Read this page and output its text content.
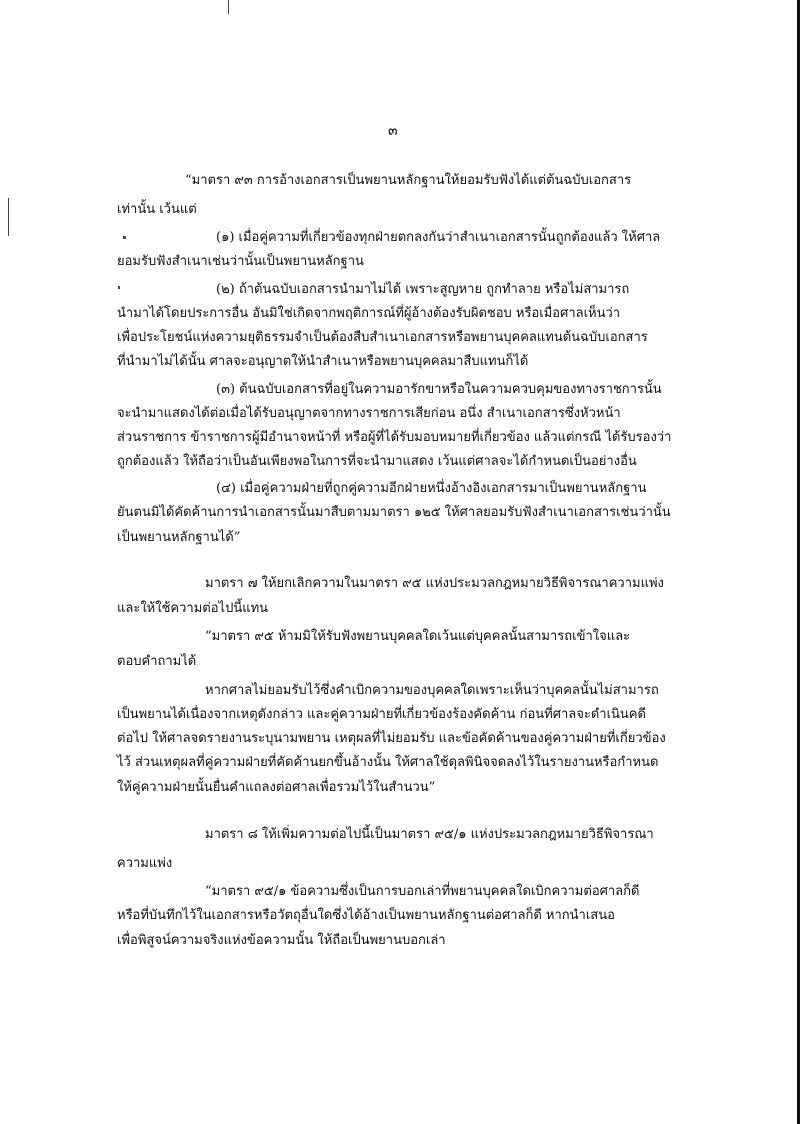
๓
“มาตรา ๙๓ การอ้างเอกสารเป็นพยานหลักฐานให้ยอมรับฟังได้แต่ต้นฉบับเอกสาร
เท่านั้น เว้นแต่
(๑) เมื่อคู่ความที่เกี่ยวข้องทุกฝ่ายตกลงกันว่าสำเนาเอกสารนั้นถูกต้องแล้ว ให้ศาล
ยอมรับฟังสำเนาเช่นว่านั้นเป็นพยานหลักฐาน
(๒) ถ้าต้นฉบับเอกสารนำมาไม่ได้ เพราะสูญหาย ถูกทำลาย หรือไม่สามารถ
นำมาได้โดยประการอื่น อันมิใช่เกิดจากพฤติการณ์ที่ผู้อ้างต้องรับผิดชอบ หรือเมื่อศาลเห็นว่า
เพื่อประโยชน์แห่งความยุติธรรมจำเป็นต้องสืบสำเนาเอกสารหรือพยานบุคคลแทนต้นฉบับเอกสาร
ที่นำมาไม่ได้นั้น ศาลจะอนุญาตให้นำสำเนาหรือพยานบุคคลมาสืบแทนก็ได้
(๓) ต้นฉบับเอกสารที่อยู่ในความอารักขาหรือในความควบคุมของทางราชการนั้น
จะนำมาแสดงได้ต่อเมื่อได้รับอนุญาตจากทางราชการเสียก่อน อนึ่ง สำเนาเอกสารซึ่งหัวหน้า
ส่วนราชการ ข้าราชการผู้มีอำนาจหน้าที่ หรือผู้ที่ได้รับมอบหมายที่เกี่ยวข้อง แล้วแต่กรณี ได้รับรองว่า
ถูกต้องแล้ว ให้ถือว่าเป็นอันเพียงพอในการที่จะนำมาแสดง เว้นแต่ศาลจะได้กำหนดเป็นอย่างอื่น
(๔) เมื่อคู่ความฝ่ายที่ถูกคู่ความอีกฝ่ายหนึ่งอ้างอิงเอกสารมาเป็นพยานหลักฐาน
ยันตนมิได้คัดค้านการนำเอกสารนั้นมาสืบตามมาตรา ๑๒๕ ให้ศาลยอมรับฟังสำเนาเอกสารเช่นว่านั้น
เป็นพยานหลักฐานได้”
มาตรา ๗ ให้ยกเลิกความในมาตรา ๙๕ แห่งประมวลกฎหมายวิธีพิจารณาความแพ่ง
และให้ใช้ความต่อไปนี้แทน
“มาตรา ๙๕ ห้ามมิให้รับฟังพยานบุคคลใดเว้นแต่บุคคลนั้นสามารถเข้าใจและ
ตอบคำถามได้
หากศาลไม่ยอมรับไว้ซึ่งคำเบิกความของบุคคลใดเพราะเห็นว่าบุคคลนั้นไม่สามารถ
เป็นพยานได้เนื่องจากเหตุดังกล่าว และคู่ความฝ่ายที่เกี่ยวข้องร้องคัดค้าน ก่อนที่ศาลจะดำเนินคดี
ต่อไป ให้ศาลจดรายงานระบุนามพยาน เหตุผลที่ไม่ยอมรับ และข้อคัดค้านของคู่ความฝ่ายที่เกี่ยวข้อง
ไว้ ส่วนเหตุผลที่คู่ความฝ่ายที่คัดค้านยกขึ้นอ้างนั้น ให้ศาลใช้ดุลพินิจจดลงไว้ในรายงานหรือกำหนด
ให้คู่ความฝ่ายนั้นยื่นคำแถลงต่อศาลเพื่อรวมไว้ในสำนวน”
มาตรา ๘ ให้เพิ่มความต่อไปนี้เป็นมาตรา ๙๕/๑ แห่งประมวลกฎหมายวิธีพิจารณา
ความแพ่ง
“มาตรา ๙๕/๑ ข้อความซึ่งเป็นการบอกเล่าที่พยานบุคคลใดเบิกความต่อศาลก็ดี
หรือที่บันทึกไว้ในเอกสารหรือวัตถุอื่นใดซึ่งได้อ้างเป็นพยานหลักฐานต่อศาลก็ดี หากนำเสนอ
เพื่อพิสูจน์ความจริงแห่งข้อความนั้น ให้ถือเป็นพยานบอกเล่า
